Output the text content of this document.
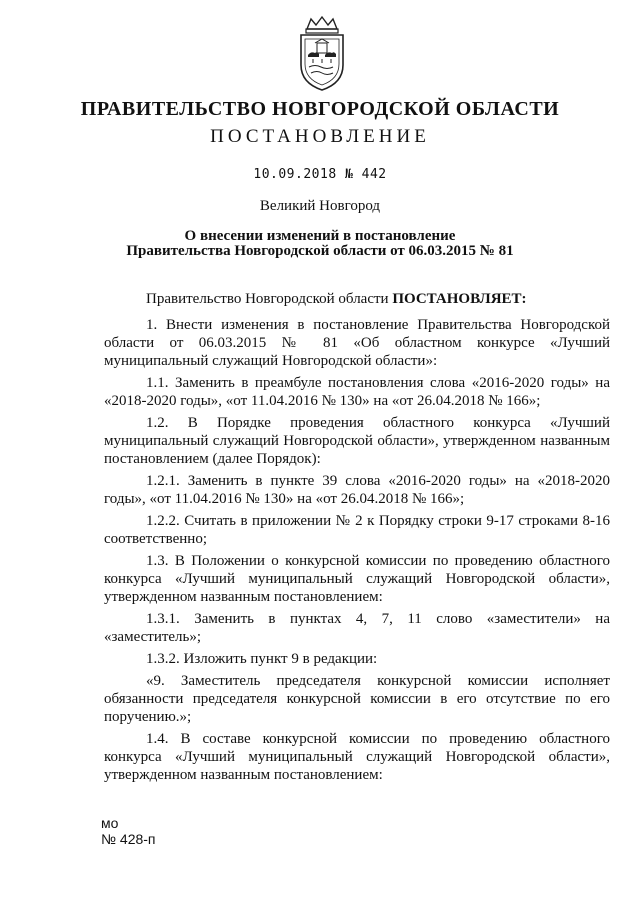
ПРАВИТЕЛЬСТВО НОВГОРОДСКОЙ ОБЛАСТИ
ПОСТАНОВЛЕНИЕ
10.09.2018 № 442
Великий Новгород
О внесении изменений в постановление
Правительства Новгородской области от 06.03.2015 № 81

Правительство Новгородской области ПОСТАНОВЛЯЕТ:

1. Внести изменения в постановление Правительства Новгородской области от 06.03.2015 № 81 «Об областном конкурсе «Лучший муниципальный служащий Новгородской области»:

1.1. Заменить в преамбуле постановления слова «2016-2020 годы» на «2018-2020 годы», «от 11.04.2016 № 130» на «от 26.04.2018 № 166»;

1.2. В Порядке проведения областного конкурса «Лучший муниципальный служащий Новгородской области», утвержденном названным постановлением (далее Порядок):

1.2.1. Заменить в пункте 39 слова «2016-2020 годы» на «2018-2020 годы», «от 11.04.2016 № 130» на «от 26.04.2018 № 166»;

1.2.2. Считать в приложении № 2 к Порядку строки 9-17 строками 8-16 соответственно;

1.3. В Положении о конкурсной комиссии по проведению областного конкурса «Лучший муниципальный служащий Новгородской области», утвержденном названным постановлением:

1.3.1. Заменить в пунктах 4, 7, 11 слово «заместители» на «заместитель»;

1.3.2. Изложить пункт 9 в редакции:

«9. Заместитель председателя конкурсной комиссии исполняет обязанности председателя конкурсной комиссии в его отсутствие по его поручению.»;

1.4. В составе конкурсной комиссии по проведению областного конкурса «Лучший муниципальный служащий Новгородской области», утвержденном названным постановлением:

мо
№ 428-п
